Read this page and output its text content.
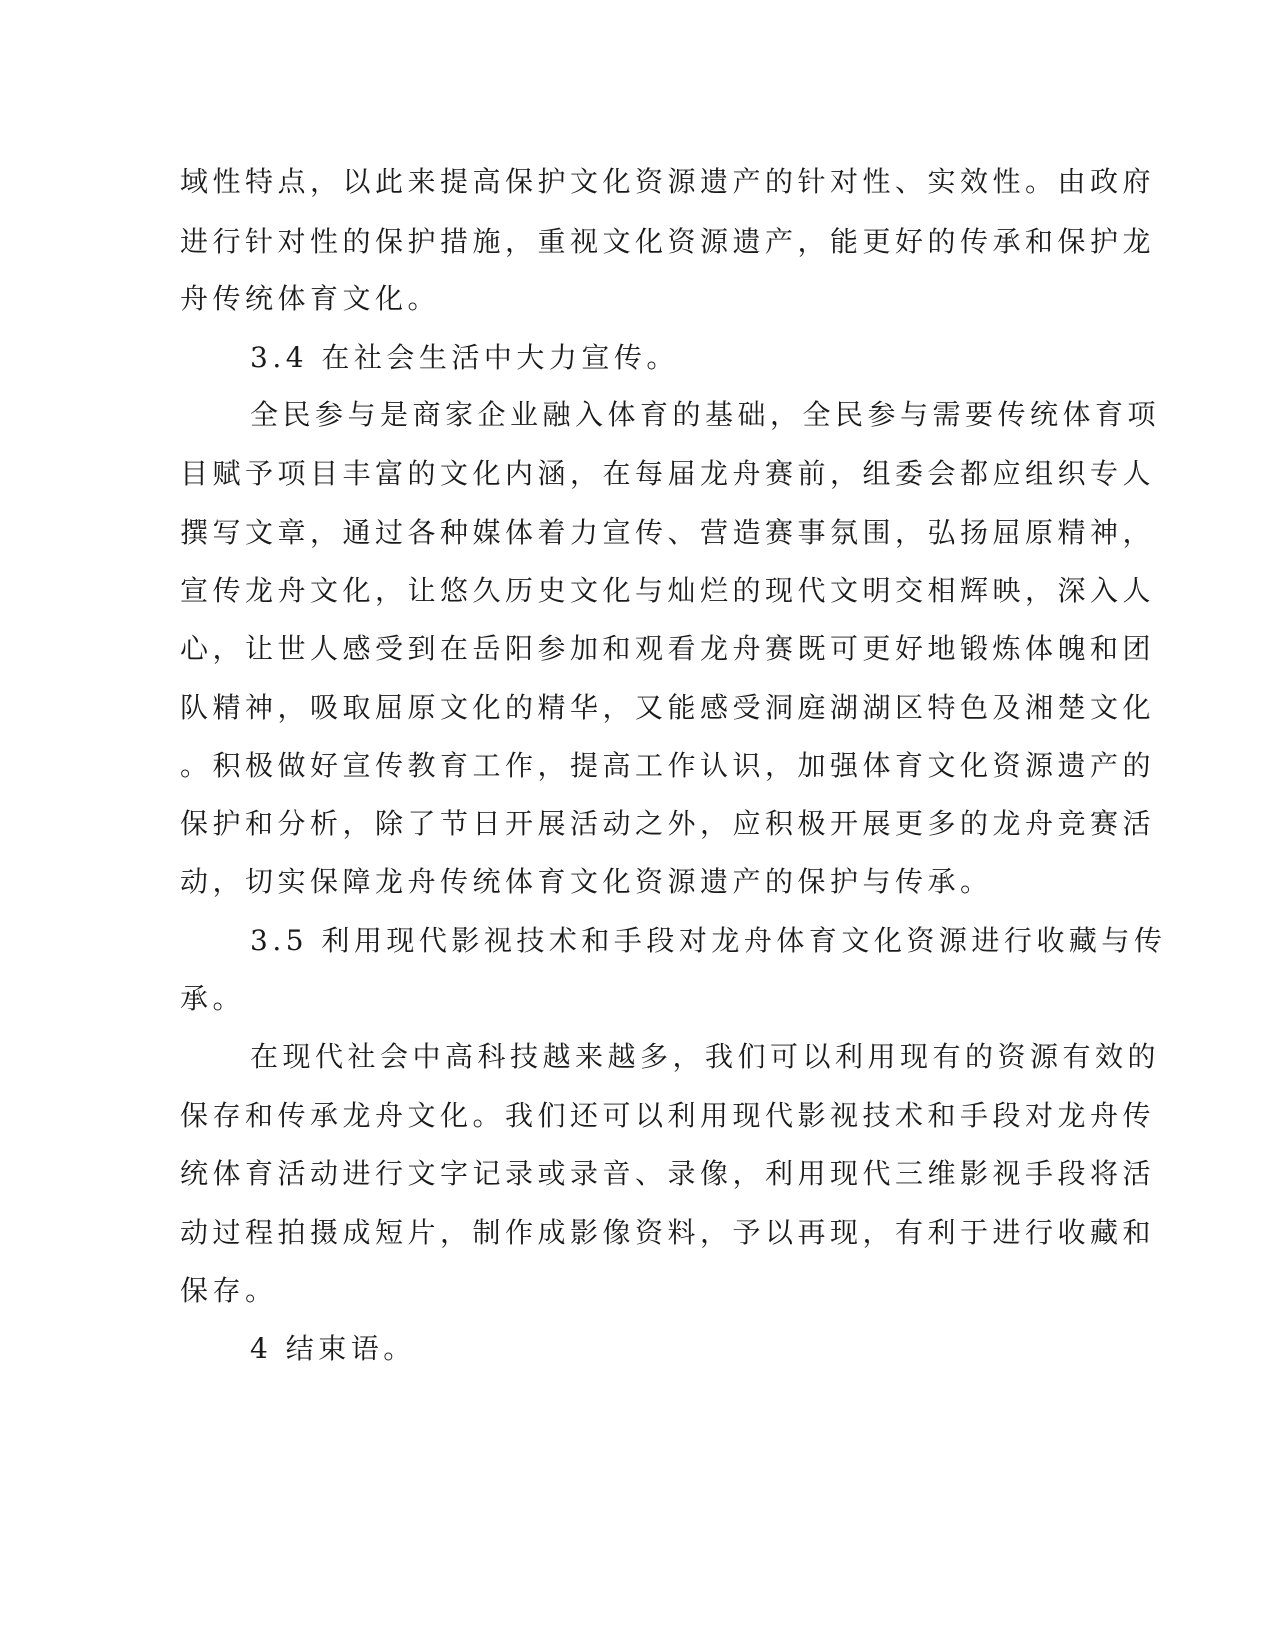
域性特点，以此来提高保护文化资源遗产的针对性、实效性。由政府
进行针对性的保护措施，重视文化资源遗产，能更好的传承和保护龙
舟传统体育文化。
3.4 在社会生活中大力宣传。
全民参与是商家企业融入体育的基础，全民参与需要传统体育项
目赋予项目丰富的文化内涵，在每届龙舟赛前，组委会都应组织专人
撰写文章，通过各种媒体着力宣传、营造赛事氛围，弘扬屈原精神，
宣传龙舟文化，让悠久历史文化与灿烂的现代文明交相辉映，深入人
心，让世人感受到在岳阳参加和观看龙舟赛既可更好地锻炼体魄和团
队精神，吸取屈原文化的精华，又能感受洞庭湖湖区特色及湘楚文化
。积极做好宣传教育工作，提高工作认识，加强体育文化资源遗产的
保护和分析，除了节日开展活动之外，应积极开展更多的龙舟竞赛活
动，切实保障龙舟传统体育文化资源遗产的保护与传承。
3.5 利用现代影视技术和手段对龙舟体育文化资源进行收藏与传
承。
在现代社会中高科技越来越多，我们可以利用现有的资源有效的
保存和传承龙舟文化。我们还可以利用现代影视技术和手段对龙舟传
统体育活动进行文字记录或录音、录像，利用现代三维影视手段将活
动过程拍摄成短片，制作成影像资料，予以再现，有利于进行收藏和
保存。
4 结束语。
